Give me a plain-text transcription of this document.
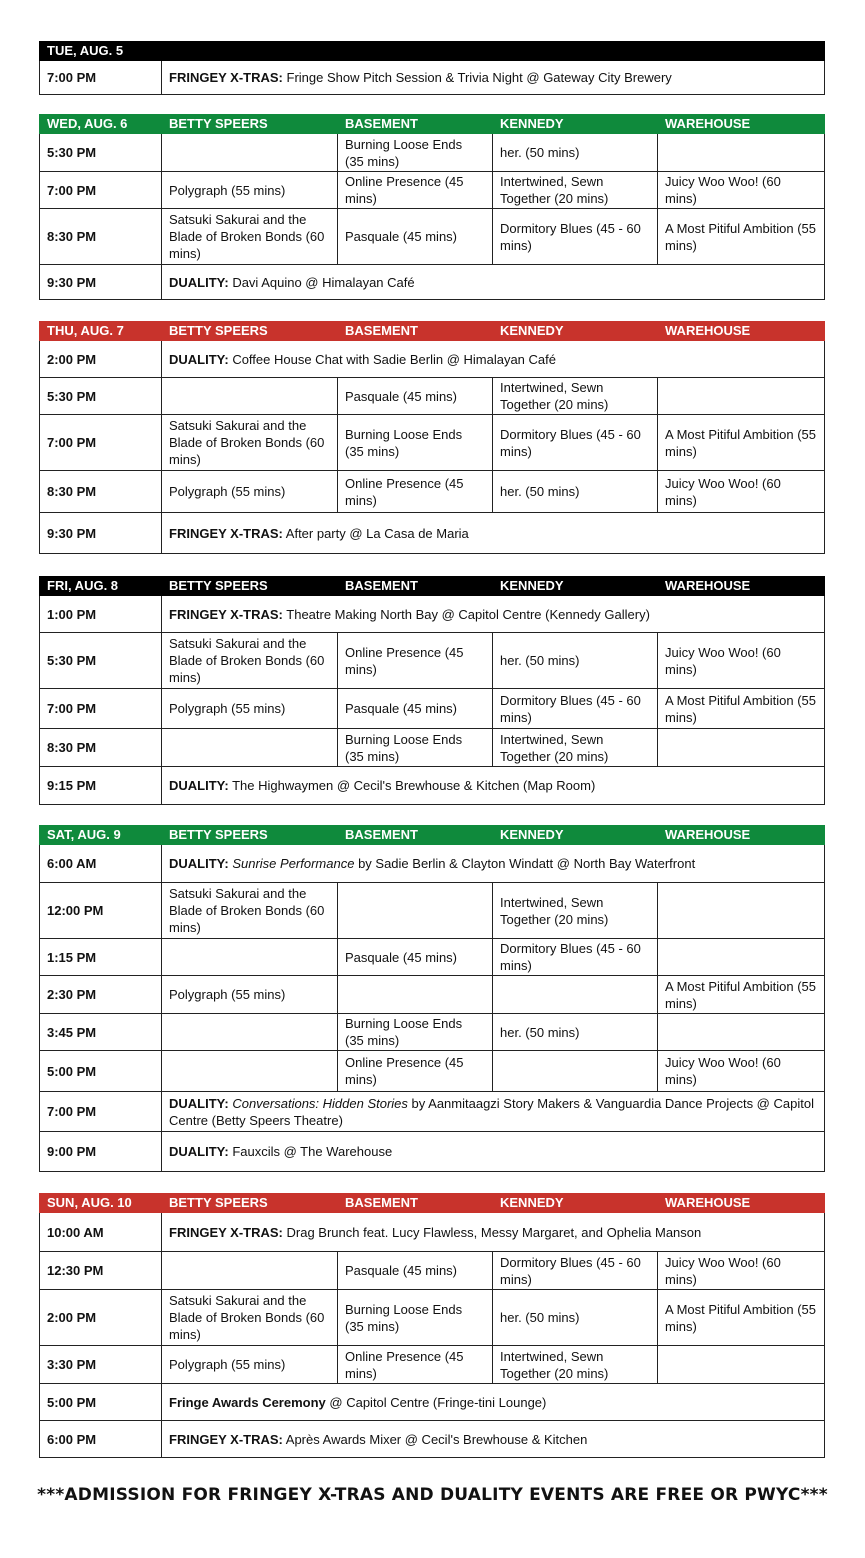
TUE, AUG. 5
7:00 PM	FRINGEY X-TRAS: Fringe Show Pitch Session & Trivia Night @ Gateway City Brewery
WED, AUG. 6	BETTY SPEERS	BASEMENT	KENNEDY	WAREHOUSE
5:30 PM		Burning Loose Ends (35 mins)	her. (50 mins)	
7:00 PM	Polygraph (55 mins)	Online Presence (45 mins)	Intertwined, Sewn Together (20 mins)	Juicy Woo Woo! (60 mins)
8:30 PM	Satsuki Sakurai and the Blade of Broken Bonds (60 mins)	Pasquale (45 mins)	Dormitory Blues (45 - 60 mins)	A Most Pitiful Ambition (55 mins)
9:30 PM	DUALITY: Davi Aquino @ Himalayan Café			
THU, AUG. 7	BETTY SPEERS	BASEMENT	KENNEDY	WAREHOUSE
2:00 PM	DUALITY: Coffee House Chat with Sadie Berlin @ Himalayan Café			
5:30 PM		Pasquale (45 mins)	Intertwined, Sewn Together (20 mins)	
7:00 PM	Satsuki Sakurai and the Blade of Broken Bonds (60 mins)	Burning Loose Ends (35 mins)	Dormitory Blues (45 - 60 mins)	A Most Pitiful Ambition (55 mins)
8:30 PM	Polygraph (55 mins)	Online Presence (45 mins)	her. (50 mins)	Juicy Woo Woo! (60 mins)
9:30 PM	FRINGEY X-TRAS: After party @ La Casa de Maria			
FRI, AUG. 8	BETTY SPEERS	BASEMENT	KENNEDY	WAREHOUSE
1:00 PM	FRINGEY X-TRAS: Theatre Making North Bay @ Capitol Centre (Kennedy Gallery)			
5:30 PM	Satsuki Sakurai and the Blade of Broken Bonds (60 mins)	Online Presence (45 mins)	her. (50 mins)	Juicy Woo Woo! (60 mins)
7:00 PM	Polygraph (55 mins)	Pasquale (45 mins)	Dormitory Blues (45 - 60 mins)	A Most Pitiful Ambition (55 mins)
8:30 PM		Burning Loose Ends (35 mins)	Intertwined, Sewn Together (20 mins)	
9:15 PM	DUALITY: The Highwaymen @ Cecil's Brewhouse & Kitchen (Map Room)			
SAT, AUG. 9	BETTY SPEERS	BASEMENT	KENNEDY	WAREHOUSE
6:00 AM	DUALITY: Sunrise Performance by Sadie Berlin & Clayton Windatt @ North Bay Waterfront			
12:00 PM	Satsuki Sakurai and the Blade of Broken Bonds (60 mins)		Intertwined, Sewn Together (20 mins)	
1:15 PM		Pasquale (45 mins)	Dormitory Blues (45 - 60 mins)	
2:30 PM	Polygraph (55 mins)			A Most Pitiful Ambition (55 mins)
3:45 PM		Burning Loose Ends (35 mins)	her. (50 mins)	
5:00 PM		Online Presence (45 mins)		Juicy Woo Woo! (60 mins)
7:00 PM	DUALITY: Conversations: Hidden Stories by Aanmitaagzi Story Makers & Vanguardia Dance Projects @ Capitol Centre (Betty Speers Theatre)			
9:00 PM	DUALITY: Fauxcils @ The Warehouse			
SUN, AUG. 10	BETTY SPEERS	BASEMENT	KENNEDY	WAREHOUSE
10:00 AM	FRINGEY X-TRAS: Drag Brunch feat. Lucy Flawless, Messy Margaret, and Ophelia Manson			
12:30 PM		Pasquale (45 mins)	Dormitory Blues (45 - 60 mins)	Juicy Woo Woo! (60 mins)
2:00 PM	Satsuki Sakurai and the Blade of Broken Bonds (60 mins)	Burning Loose Ends (35 mins)	her. (50 mins)	A Most Pitiful Ambition (55 mins)
3:30 PM	Polygraph (55 mins)	Online Presence (45 mins)	Intertwined, Sewn Together (20 mins)	
5:00 PM	Fringe Awards Ceremony @ Capitol Centre (Fringe-tini Lounge)			
6:00 PM	FRINGEY X-TRAS: Après Awards Mixer @ Cecil's Brewhouse & Kitchen			
***ADMISSION FOR FRINGEY X-TRAS AND DUALITY EVENTS ARE FREE OR PWYC***
